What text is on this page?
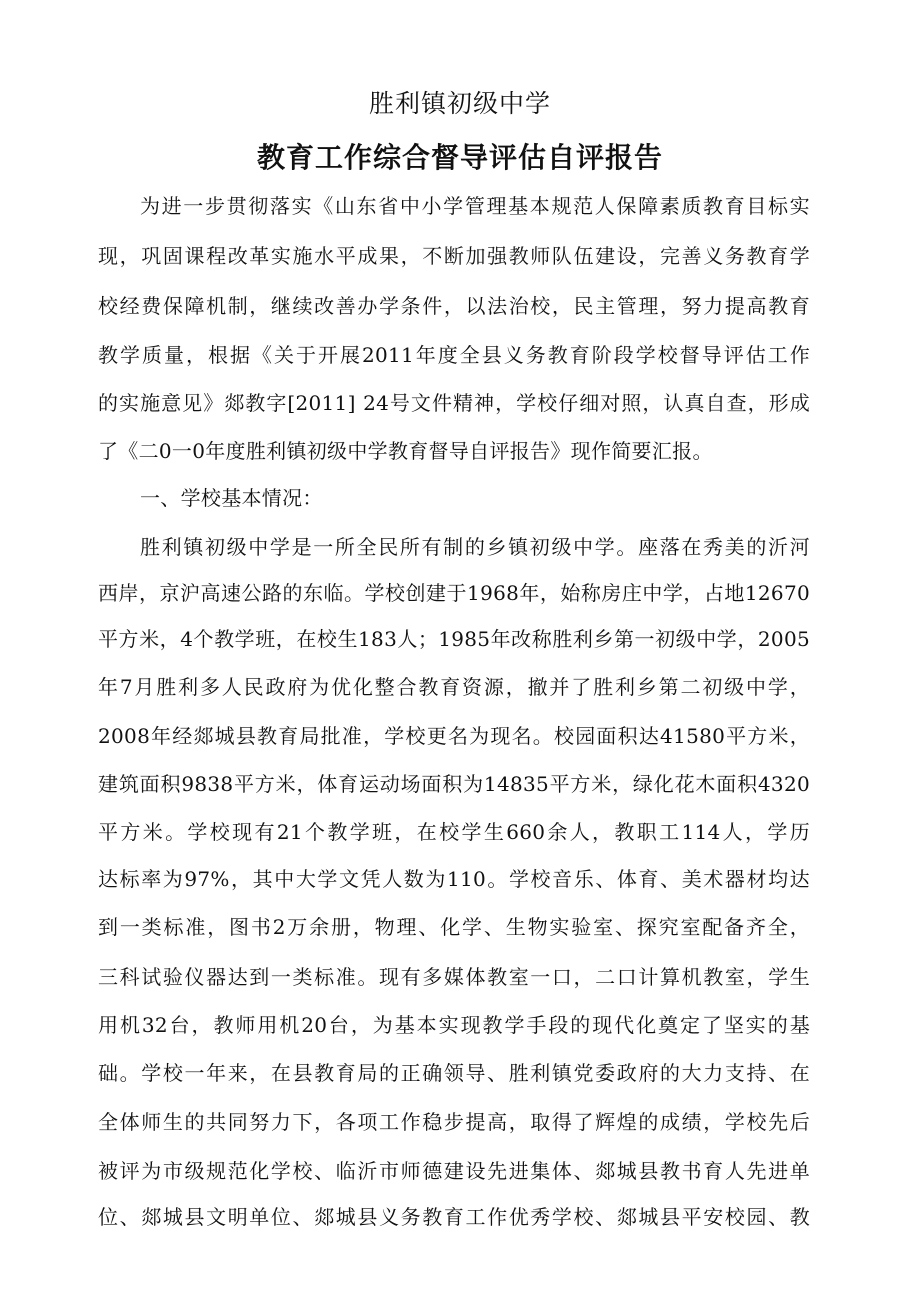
胜利镇初级中学
教育工作综合督导评估自评报告
为进一步贯彻落实《山东省中小学管理基本规范人保障素质教育目标实
现，巩固课程改革实施水平成果，不断加强教师队伍建设，完善义务教育学
校经费保障机制，继续改善办学条件，以法治校，民主管理，努力提高教育
教学质量，根据《关于开展2011年度全县义务教育阶段学校督导评估工作
的实施意见》郯教字[2011] 24号文件精神，学校仔细对照，认真自查，形成
了《二0一0年度胜利镇初级中学教育督导自评报告》现作简要汇报。
一、学校基本情况：
胜利镇初级中学是一所全民所有制的乡镇初级中学。座落在秀美的沂河
西岸，京沪高速公路的东临。学校创建于1968年，始称房庄中学，占地12670
平方米，4个教学班，在校生183人；1985年改称胜利乡第一初级中学，2005
年7月胜利多人民政府为优化整合教育资源，撤并了胜利乡第二初级中学，
2008年经郯城县教育局批准，学校更名为现名。校园面积达41580平方米，
建筑面积9838平方米，体育运动场面积为14835平方米，绿化花木面积4320
平方米。学校现有21个教学班，在校学生660余人，教职工114人，学历
达标率为97%，其中大学文凭人数为110。学校音乐、体育、美术器材均达
到一类标准，图书2万余册，物理、化学、生物实验室、探究室配备齐全，
三科试验仪器达到一类标准。现有多媒体教室一口，二口计算机教室，学生
用机32台，教师用机20台，为基本实现教学手段的现代化奠定了坚实的基
础。学校一年来，在县教育局的正确领导、胜利镇党委政府的大力支持、在
全体师生的共同努力下，各项工作稳步提高，取得了辉煌的成绩，学校先后
被评为市级规范化学校、临沂市师德建设先进集体、郯城县教书育人先进单
位、郯城县文明单位、郯城县义务教育工作优秀学校、郯城县平安校园、教
